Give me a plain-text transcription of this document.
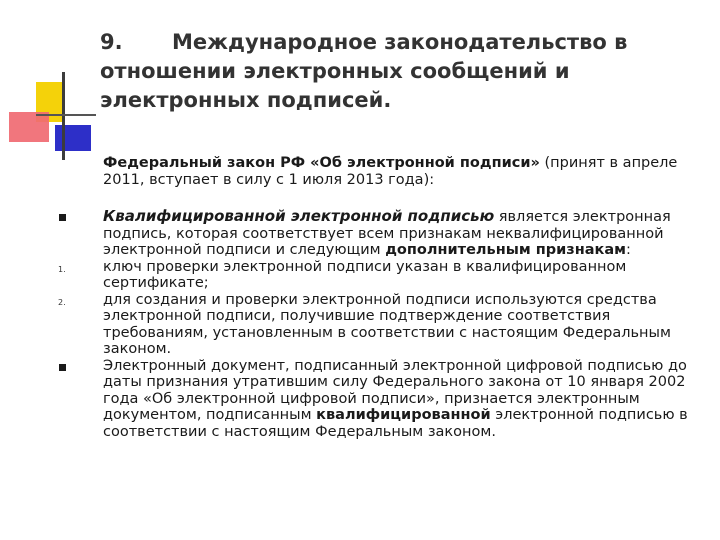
9. Международное законодательство в
отношении электронных сообщений и
электронных подписей.

Федеральный закон РФ «Об электронной подписи» (принят в апреле 2011, вступает в силу с 1 июля 2013 года):

Квалифицированной электронной подписью является электронная подпись, которая соответствует всем признакам неквалифицированной электронной подписи и следующим дополнительным признакам:
1.	ключ проверки электронной подписи указан в квалифицированном сертификате;
2.	для создания и проверки электронной подписи используются средства электронной подписи, получившие подтверждение соответствия требованиям, установленным в соответствии с настоящим Федеральным законом.
Электронный документ, подписанный электронной цифровой подписью до даты признания утратившим силу Федерального закона от 10 января 2002 года «Об электронной цифровой подписи», признается электронным документом, подписанным квалифицированной электронной подписью в соответствии с настоящим Федеральным законом.
